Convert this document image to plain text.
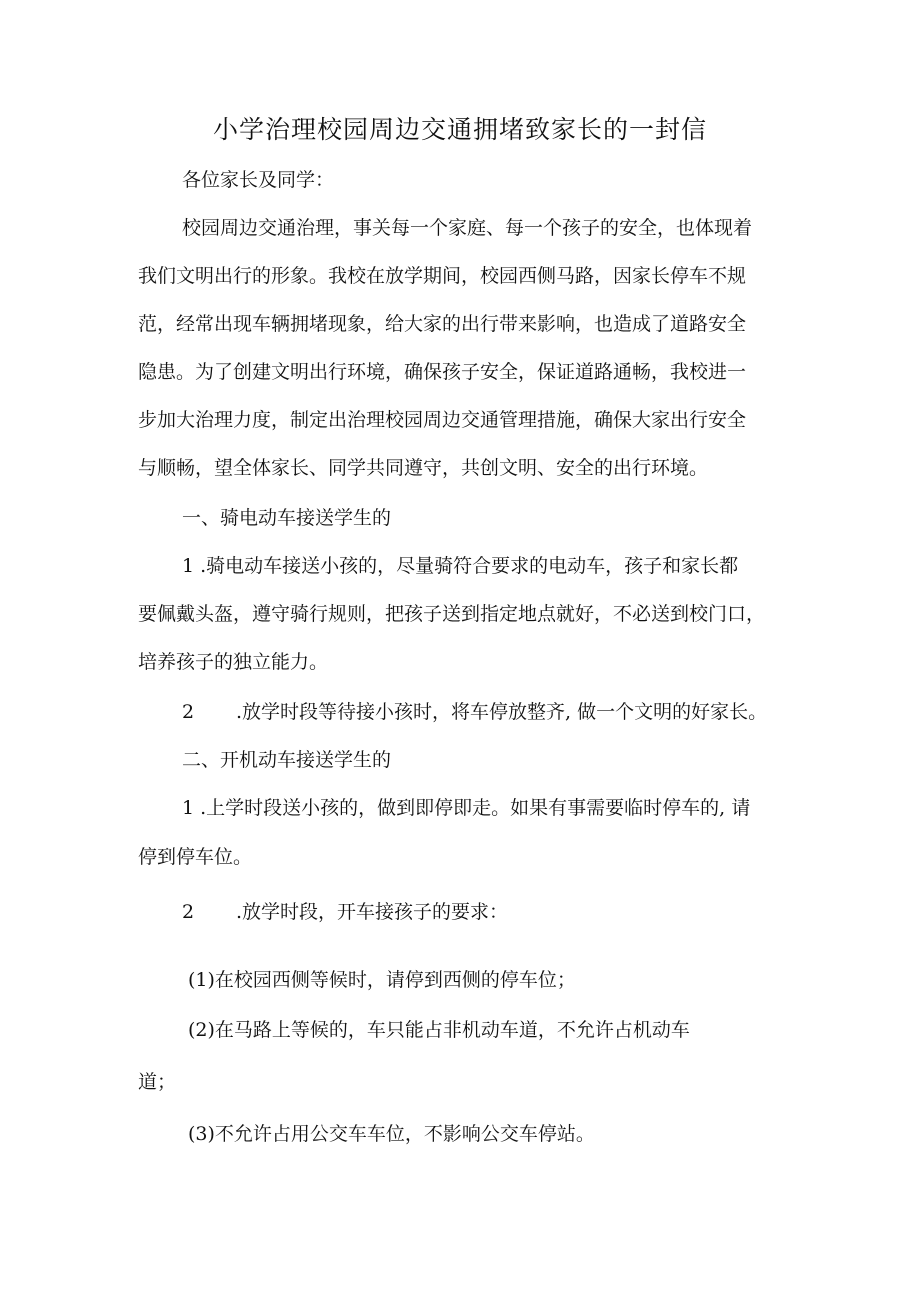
小学治理校园周边交通拥堵致家长的一封信
各位家长及同学：
校园周边交通治理，事关每一个家庭、每一个孩子的安全，也体现着
我们文明出行的形象。我校在放学期间，校园西侧马路，因家长停车不规
范，经常出现车辆拥堵现象，给大家的出行带来影响，也造成了道路安全
隐患。为了创建文明出行环境，确保孩子安全，保证道路通畅，我校进一
步加大治理力度，制定出治理校园周边交通管理措施，确保大家出行安全
与顺畅，望全体家长、同学共同遵守，共创文明、安全的出行环境。
一、骑电动车接送学生的
1 .骑电动车接送小孩的，尽量骑符合要求的电动车，孩子和家长都
要佩戴头盔，遵守骑行规则，把孩子送到指定地点就好，不必送到校门口，
培养孩子的独立能力。
2 .放学时段等待接小孩时，将车停放整齐, 做一个文明的好家长。
二、开机动车接送学生的
1 .上学时段送小孩的，做到即停即走。如果有事需要临时停车的, 请
停到停车位。
2 .放学时段，开车接孩子的要求：
(1)在校园西侧等候时，请停到西侧的停车位；
(2)在马路上等候的，车只能占非机动车道，不允许占机动车
道；
(3)不允许占用公交车车位，不影响公交车停站。
